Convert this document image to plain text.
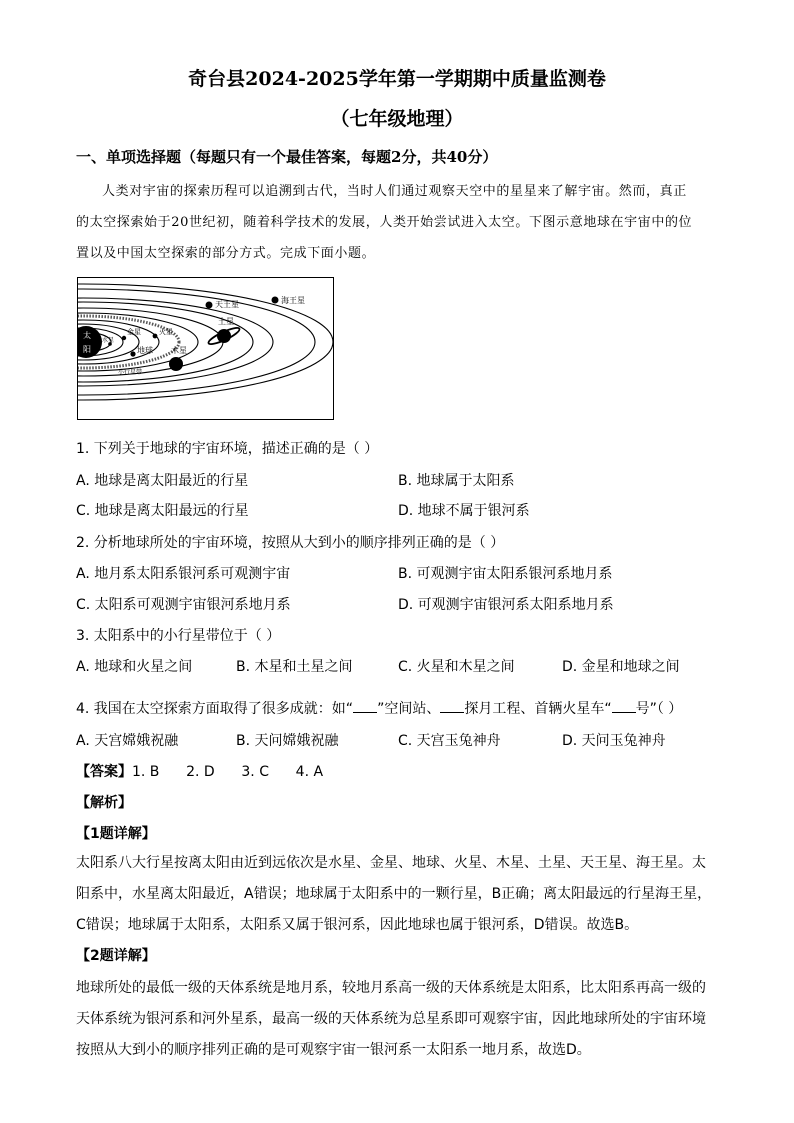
奇台县2024-2025学年第一学期期中质量监测卷
（七年级地理）
一、单项选择题（每题只有一个最佳答案，每题2分，共40分）
人类对宇宙的探索历程可以追溯到古代，当时人们通过观察天空中的星星来了解宇宙。然而，真正
的太空探索始于20世纪初，随着科学技术的发展，人类开始尝试进入太空。下图示意地球在宇宙中的位
置以及中国太空探索的部分方式。完成下面小题。
小行星带
太
阳
水星
金星
地球
火星
木星
土星
天王星	海王星
1. 下列关于地球的宇宙环境，描述正确的是（ ）
A. 地球是离太阳最近的行星	B. 地球属于太阳系
C. 地球是离太阳最远的行星	D. 地球不属于银河系
2. 分析地球所处的宇宙环境，按照从大到小的顺序排列正确的是（ ）
A. 地月系太阳系银河系可观测宇宙	B. 可观测宇宙太阳系银河系地月系
C. 太阳系可观测宇宙银河系地月系	D. 可观测宇宙银河系太阳系地月系
3. 太阳系中的小行星带位于（ ）
A. 地球和火星之间	B. 木星和土星之间	C. 火星和木星之间	D. 金星和地球之间
4. 我国在太空探索方面取得了很多成就：如“ ”空间站、 探月工程、首辆火星车“ 号”（ ）
A. 天宫嫦娥祝融	B. 天问嫦娥祝融	C. 天宫玉兔神舟	D. 天问玉兔神舟
【答案】1. B      2. D      3. C      4. A
【解析】
【1题详解】
太阳系八大行星按离太阳由近到远依次是水星、金星、地球、火星、木星、土星、天王星、海王星。太
阳系中，水星离太阳最近，A错误；地球属于太阳系中的一颗行星，B正确；离太阳最远的行星海王星，
C错误；地球属于太阳系，太阳系又属于银河系，因此地球也属于银河系，D错误。故选B。
【2题详解】
地球所处的最低一级的天体系统是地月系，较地月系高一级的天体系统是太阳系，比太阳系再高一级的
天体系统为银河系和河外星系，最高一级的天体系统为总星系即可观察宇宙，因此地球所处的宇宙环境
按照从大到小的顺序排列正确的是可观察宇宙一银河系一太阳系一地月系，故选D。
